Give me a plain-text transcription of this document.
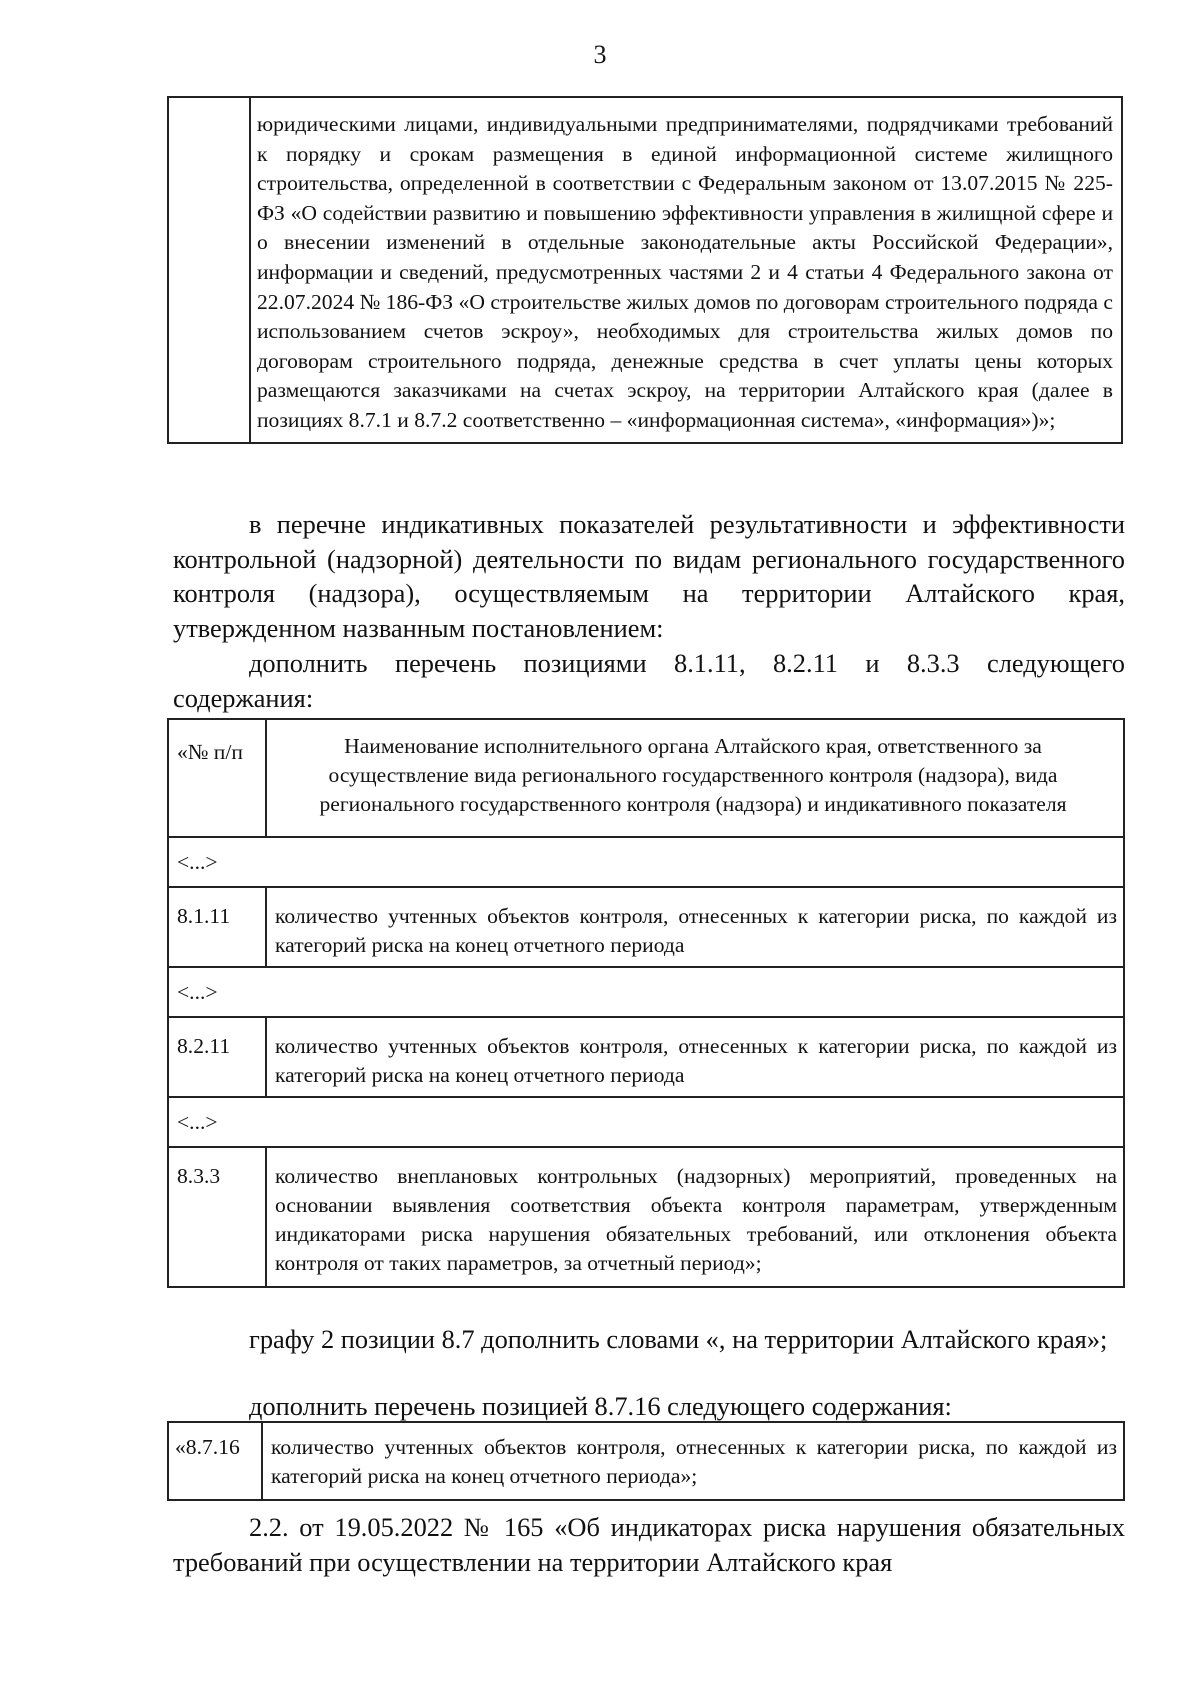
3
	юридическими лицами, индивидуальными предпринимателями, подрядчиками требований к порядку и срокам размещения в единой информационной системе жилищного строительства, определенной в соответствии с Федеральным законом от 13.07.2015 № 225-ФЗ «О содействии развитию и повышению эффективности управления в жилищной сфере и о внесении изменений в отдельные законодательные акты Российской Федерации», информации и сведений, предусмотренных частями 2 и 4 статьи 4 Федерального закона от 22.07.2024 № 186-ФЗ «О строительстве жилых домов по договорам строительного подряда с использованием счетов эскроу», необходимых для строительства жилых домов по договорам строительного подряда, денежные средства в счет уплаты цены которых размещаются заказчиками на счетах эскроу, на территории Алтайского края (далее в позициях 8.7.1 и 8.7.2 соответственно – «информационная система», «информация»)»;
в перечне индикативных показателей результативности и эффективности контрольной (надзорной) деятельности по видам регионального государственного контроля (надзора), осуществляемым на территории Алтайского края, утвержденном названным постановлением:
дополнить перечень позициями 8.1.11, 8.2.11 и 8.3.3 следующего содержания:
«№ п/п	Наименование исполнительного органа Алтайского края, ответственного за осуществление вида регионального государственного контроля (надзора), вида регионального государственного контроля (надзора) и индикативного показателя
<...>	
8.1.11	количество учтенных объектов контроля, отнесенных к категории риска, по каждой из категорий риска на конец отчетного периода
<...>	
8.2.11	количество учтенных объектов контроля, отнесенных к категории риска, по каждой из категорий риска на конец отчетного периода
<...>	
8.3.3	количество внеплановых контрольных (надзорных) мероприятий, проведенных на основании выявления соответствия объекта контроля параметрам, утвержденным индикаторами риска нарушения обязательных требований, или отклонения объекта контроля от таких параметров, за отчетный период»;
графу 2 позиции 8.7 дополнить словами «, на территории Алтайского края»;
дополнить перечень позицией 8.7.16 следующего содержания:
«8.7.16	количество учтенных объектов контроля, отнесенных к категории риска, по каждой из категорий риска на конец отчетного периода»;
2.2. от 19.05.2022 № 165 «Об индикаторах риска нарушения обязательных требований при осуществлении на территории Алтайского края
